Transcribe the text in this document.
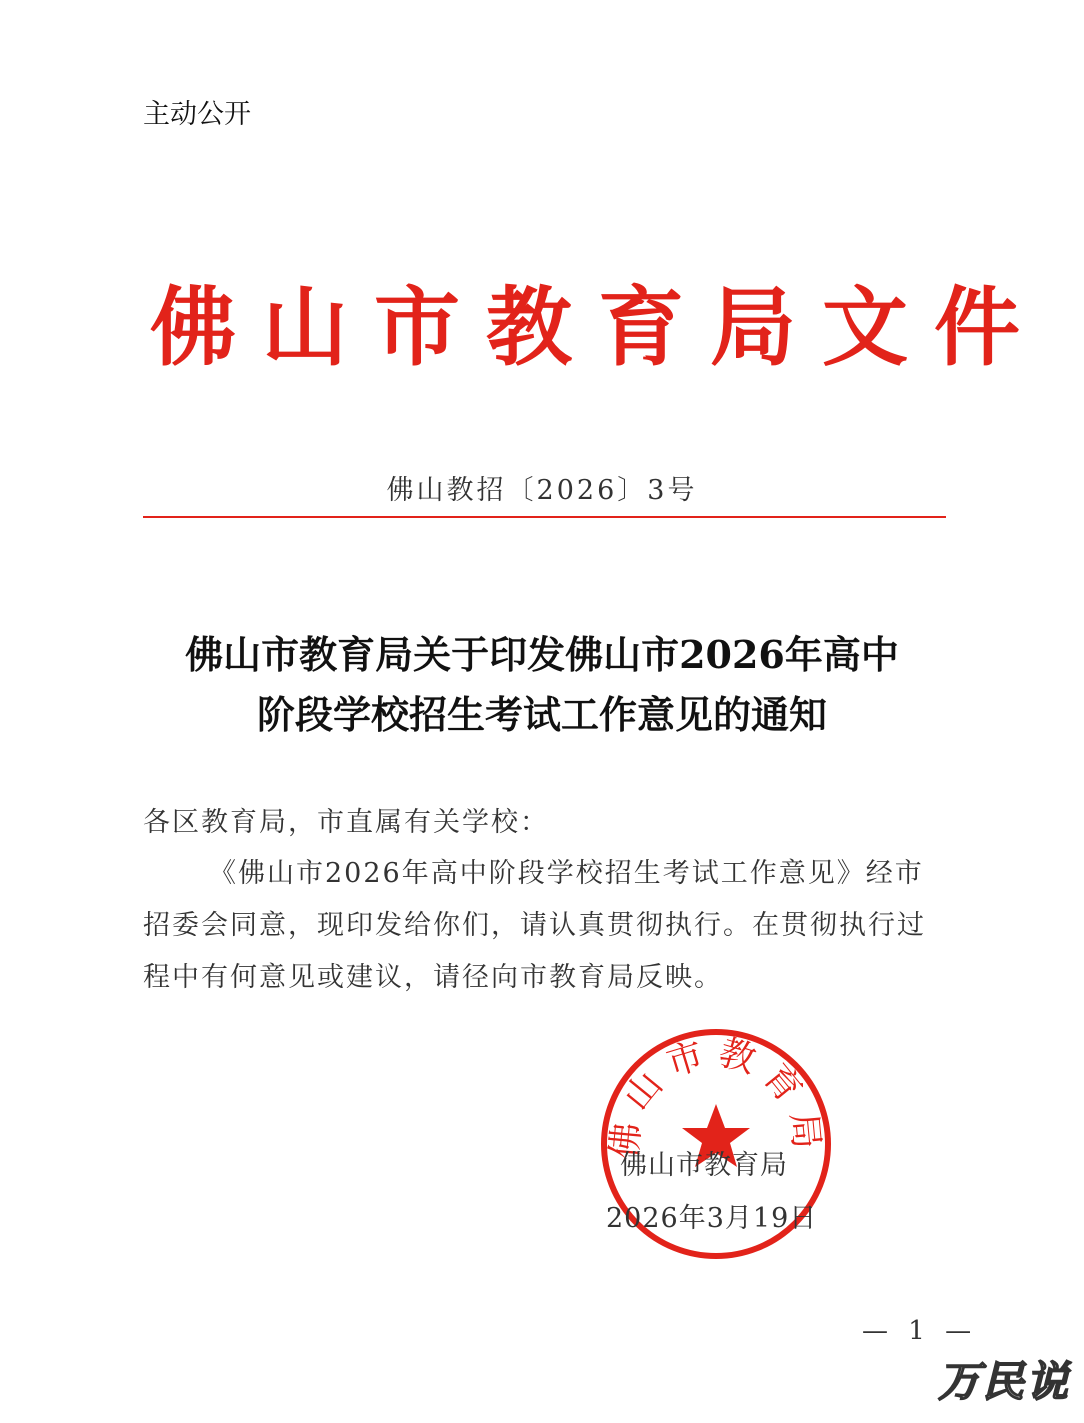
主动公开
佛山市教育局文件
佛山教招〔2026〕3号
佛山市教育局关于印发佛山市2026年高中
阶段学校招生考试工作意见的通知
各区教育局，市直属有关学校：
《佛山市2026年高中阶段学校招生考试工作意见》经市招委会同意，现印发给你们，请认真贯彻执行。在贯彻执行过程中有何意见或建议，请径向市教育局反映。
佛山市教育局
佛山市教育局
2026年3月19日
— 1 —
万民说
